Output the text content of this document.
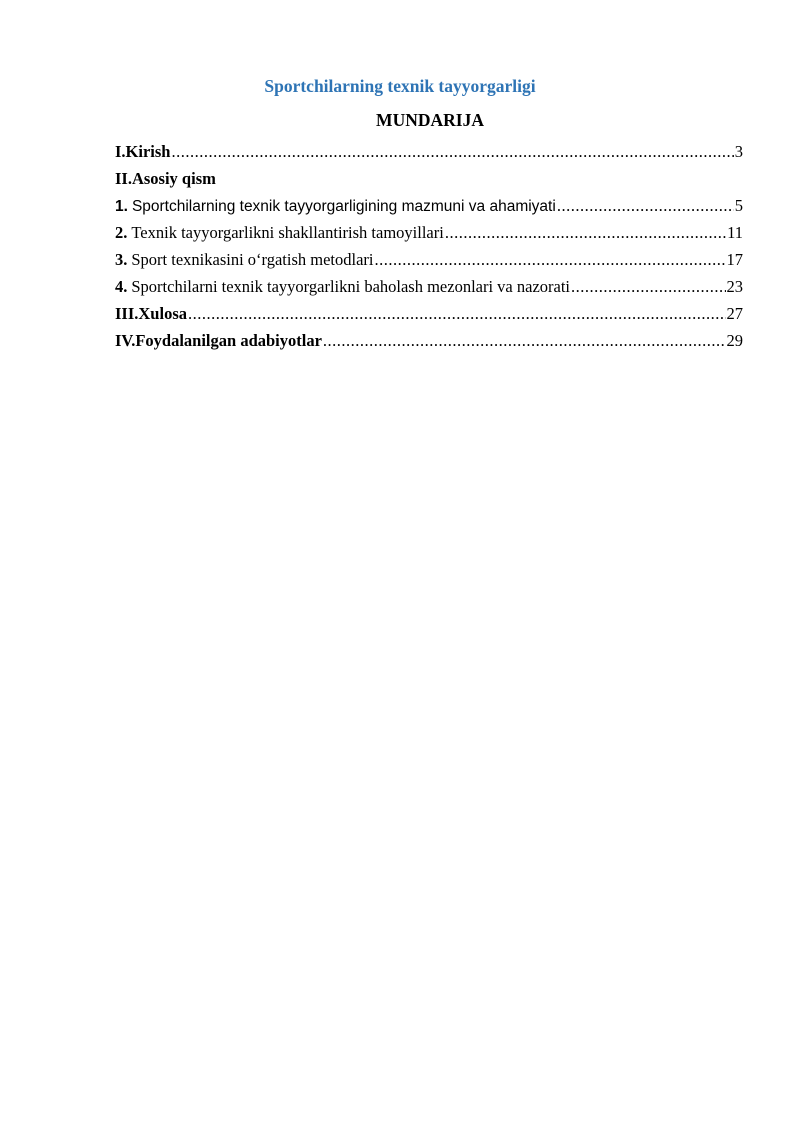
Sportchilarning texnik tayyorgarligi
MUNDARIJA
I.Kirish .....	3
II.Asosiy qism
1. Sportchilarning texnik tayyorgarligining mazmuni va ahamiyati .....	5
2. Texnik tayyorgarlikni shakllantirish tamoyillari .....	11
3. Sport texnikasini oʻrgatish metodlari .....	17
4. Sportchilarni texnik tayyorgarlikni baholash mezonlari va nazorati .....	23
III.Xulosa .....	27
IV.Foydalanilgan adabiyotlar .....	29
